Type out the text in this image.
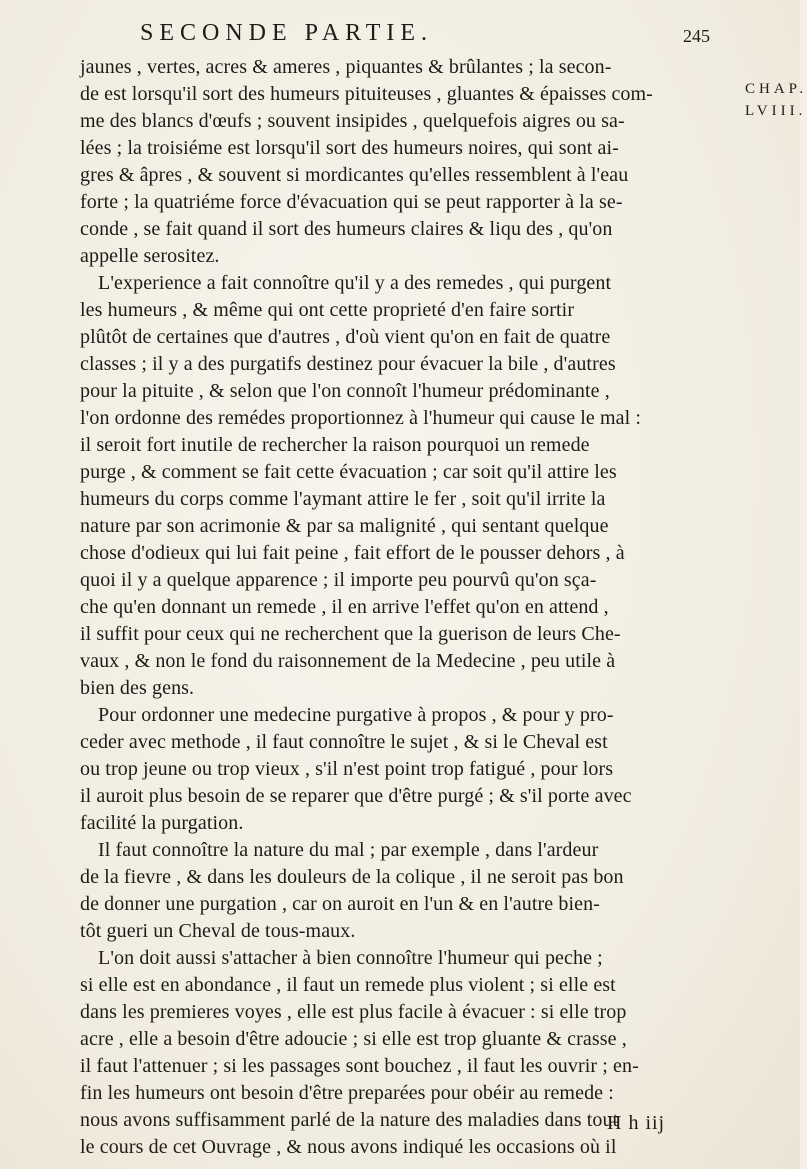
SECONDE PARTIE.	245
CHAP.
LVIII.
jaunes , vertes, acres & ameres , piquantes & brûlantes ; la secon-
de est lorsqu'il sort des humeurs pituiteuses , gluantes & épaisses com-
me des blancs d'œufs ; souvent insipides , quelquefois aigres ou sa-
lées ; la troisiéme est lorsqu'il sort des humeurs noires, qui sont ai-
gres & âpres , & souvent si mordicantes qu'elles ressemblent à l'eau
forte ; la quatriéme force d'évacuation qui se peut rapporter à la se-
conde , se fait quand il sort des humeurs claires & liqu des , qu'on
appelle serositez.
L'experience a fait connoître qu'il y a des remedes , qui purgent
les humeurs , & même qui ont cette proprieté d'en faire sortir
plûtôt de certaines que d'autres , d'où vient qu'on en fait de quatre
classes ; il y a des purgatifs destinez pour évacuer la bile , d'autres
pour la pituite , & selon que l'on connoît l'humeur prédominante ,
l'on ordonne des remédes proportionnez à l'humeur qui cause le mal :
il seroit fort inutile de rechercher la raison pourquoi un remede
purge , & comment se fait cette évacuation ; car soit qu'il attire les
humeurs du corps comme l'aymant attire le fer , soit qu'il irrite la
nature par son acrimonie & par sa malignité , qui sentant quelque
chose d'odieux qui lui fait peine , fait effort de le pousser dehors , à
quoi il y a quelque apparence ; il importe peu pourvû qu'on sça-
che qu'en donnant un remede , il en arrive l'effet qu'on en attend ,
il suffit pour ceux qui ne recherchent que la guerison de leurs Che-
vaux , & non le fond du raisonnement de la Medecine , peu utile à
bien des gens.
Pour ordonner une medecine purgative à propos , & pour y pro-
ceder avec methode , il faut connoître le sujet , & si le Cheval est
ou trop jeune ou trop vieux , s'il n'est point trop fatigué , pour lors
il auroit plus besoin de se reparer que d'être purgé ; & s'il porte avec
facilité la purgation.
Il faut connoître la nature du mal ; par exemple , dans l'ardeur
de la fievre , & dans les douleurs de la colique , il ne seroit pas bon
de donner une purgation , car on auroit en l'un & en l'autre bien-
tôt gueri un Cheval de tous-maux.
L'on doit aussi s'attacher à bien connoître l'humeur qui peche ;
si elle est en abondance , il faut un remede plus violent ; si elle est
dans les premieres voyes , elle est plus facile à évacuer : si elle trop
acre , elle a besoin d'être adoucie ; si elle est trop gluante & crasse ,
il faut l'attenuer ; si les passages sont bouchez , il faut les ouvrir ; en-
fin les humeurs ont besoin d'être preparées pour obéir au remede :
nous avons suffisamment parlé de la nature des maladies dans tout
le cours de cet Ouvrage , & nous avons indiqué les occasions où il
H h iij
